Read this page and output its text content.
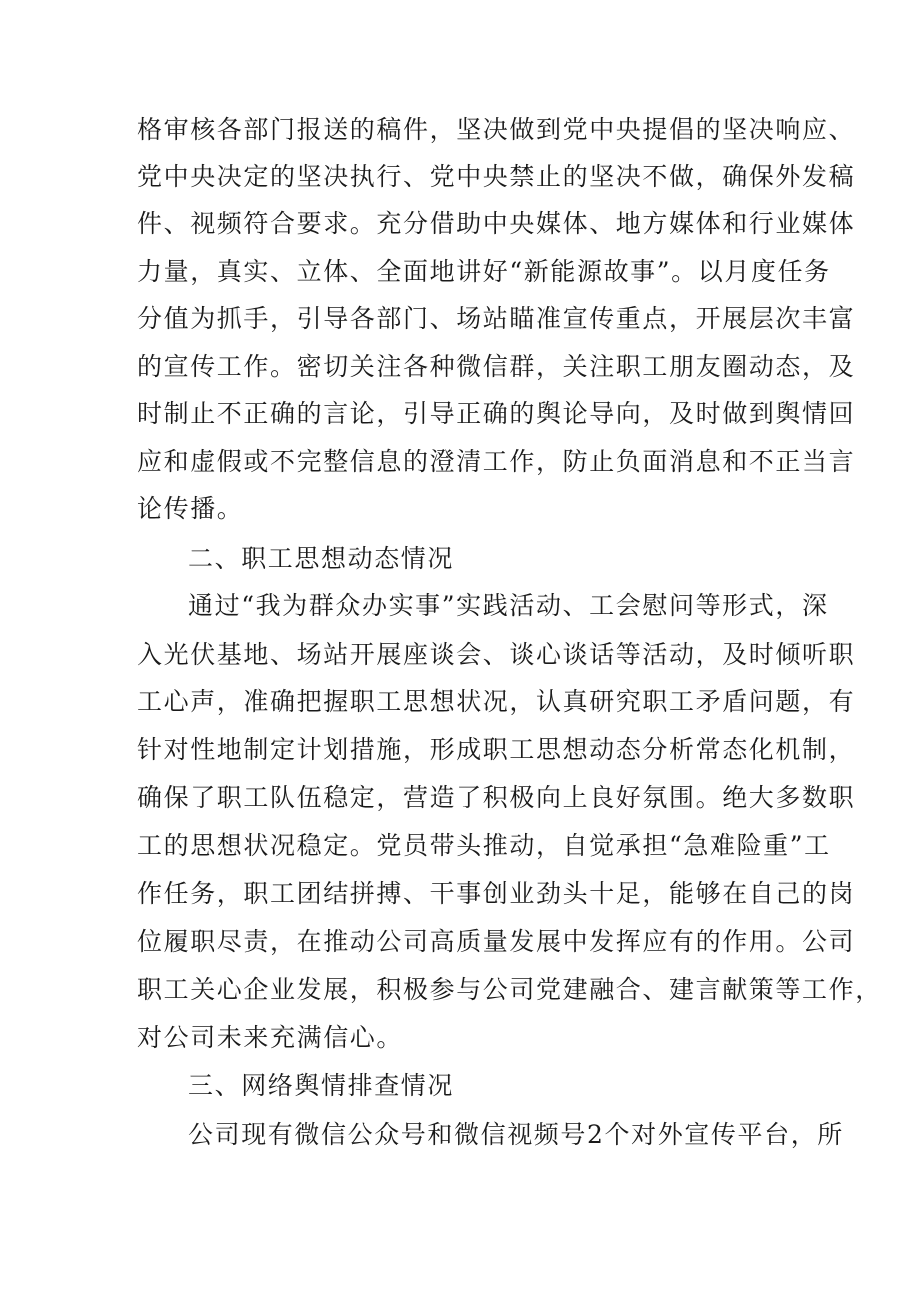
格审核各部门报送的稿件，坚决做到党中央提倡的坚决响应、
党中央决定的坚决执行、党中央禁止的坚决不做，确保外发稿
件、视频符合要求。充分借助中央媒体、地方媒体和行业媒体
力量，真实、立体、全面地讲好“新能源故事”。以月度任务
分值为抓手，引导各部门、场站瞄准宣传重点，开展层次丰富
的宣传工作。密切关注各种微信群，关注职工朋友圈动态，及
时制止不正确的言论，引导正确的舆论导向，及时做到舆情回
应和虚假或不完整信息的澄清工作，防止负面消息和不正当言
论传播。
二、职工思想动态情况
通过“我为群众办实事”实践活动、工会慰问等形式，深
入光伏基地、场站开展座谈会、谈心谈话等活动，及时倾听职
工心声，准确把握职工思想状况，认真研究职工矛盾问题，有
针对性地制定计划措施，形成职工思想动态分析常态化机制，
确保了职工队伍稳定，营造了积极向上良好氛围。绝大多数职
工的思想状况稳定。党员带头推动，自觉承担“急难险重”工
作任务，职工团结拼搏、干事创业劲头十足，能够在自己的岗
位履职尽责，在推动公司高质量发展中发挥应有的作用。公司
职工关心企业发展，积极参与公司党建融合、建言献策等工作，
对公司未来充满信心。
三、网络舆情排查情况
公司现有微信公众号和微信视频号2个对外宣传平台，所
